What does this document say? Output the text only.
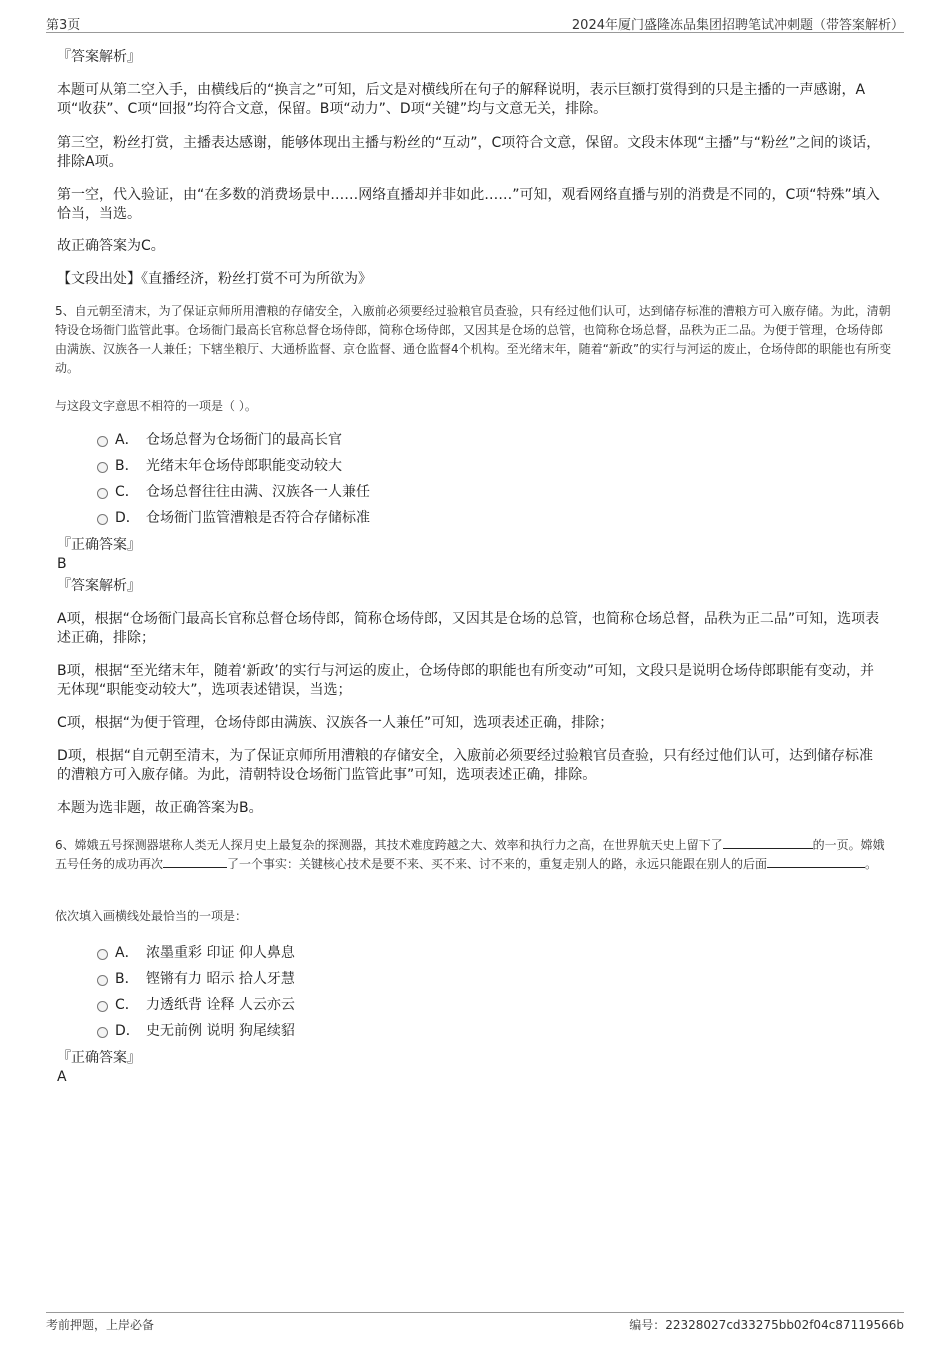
第3页	2024年厦门盛隆冻品集团招聘笔试冲刺题（带答案解析）

『答案解析』

本题可从第二空入手，由横线后的“换言之”可知，后文是对横线所在句子的解释说明，表示巨额打赏得到的只是主播的一声感谢，A项“收获”、C项“回报”均符合文意，保留。B项“动力”、D项“关键”均与文意无关，排除。

第三空，粉丝打赏，主播表达感谢，能够体现出主播与粉丝的“互动”，C项符合文意，保留。文段末体现“主播”与“粉丝”之间的谈话，排除A项。

第一空，代入验证，由“在多数的消费场景中……网络直播却并非如此……”可知，观看网络直播与别的消费是不同的，C项“特殊”填入恰当，当选。

故正确答案为C。

【文段出处】《直播经济，粉丝打赏不可为所欲为》

5、自元朝至清末，为了保证京师所用漕粮的存储安全，入廒前必须要经过验粮官员查验，只有经过他们认可，达到储存标准的漕粮方可入廒存储。为此，清朝特设仓场衙门监管此事。仓场衙门最高长官称总督仓场侍郎，简称仓场侍郎，又因其是仓场的总管，也简称仓场总督，品秩为正二品。为便于管理，仓场侍郎由满族、汉族各一人兼任；下辖坐粮厅、大通桥监督、京仓监督、通仓监督4个机构。至光绪末年，随着“新政”的实行与河运的废止，仓场侍郎的职能也有所变动。

与这段文字意思不相符的一项是（ ）。

A． 仓场总督为仓场衙门的最高长官
B． 光绪末年仓场侍郎职能变动较大
C． 仓场总督往往由满、汉族各一人兼任
D． 仓场衙门监管漕粮是否符合存储标准

『正确答案』

B

『答案解析』

A项，根据“仓场衙门最高长官称总督仓场侍郎，简称仓场侍郎，又因其是仓场的总管，也简称仓场总督，品秩为正二品”可知，选项表述正确，排除；

B项，根据“至光绪末年，随着‘新政’的实行与河运的废止，仓场侍郎的职能也有所变动”可知，文段只是说明仓场侍郎职能有变动，并无体现“职能变动较大”，选项表述错误，当选；

C项，根据“为便于管理，仓场侍郎由满族、汉族各一人兼任”可知，选项表述正确，排除；

D项，根据“自元朝至清末，为了保证京师所用漕粮的存储安全，入廒前必须要经过验粮官员查验，只有经过他们认可，达到储存标准的漕粮方可入廒存储。为此，清朝特设仓场衙门监管此事”可知，选项表述正确，排除。

本题为选非题，故正确答案为B。

6、嫦娥五号探测器堪称人类无人探月史上最复杂的探测器，其技术难度跨越之大、效率和执行力之高，在世界航天史上留下了	的一页。嫦娥五号任务的成功再次	了一个事实：关键核心技术是要不来、买不来、讨不来的，重复走别人的路，永远只能跟在别人的后面	。

依次填入画横线处最恰当的一项是：

A． 浓墨重彩 印证 仰人鼻息
B． 铿锵有力 昭示 拾人牙慧
C． 力透纸背 诠释 人云亦云
D． 史无前例 说明 狗尾续貂

『正确答案』

A

考前押题，上岸必备	编号：22328027cd33275bb02f04c87119566b
